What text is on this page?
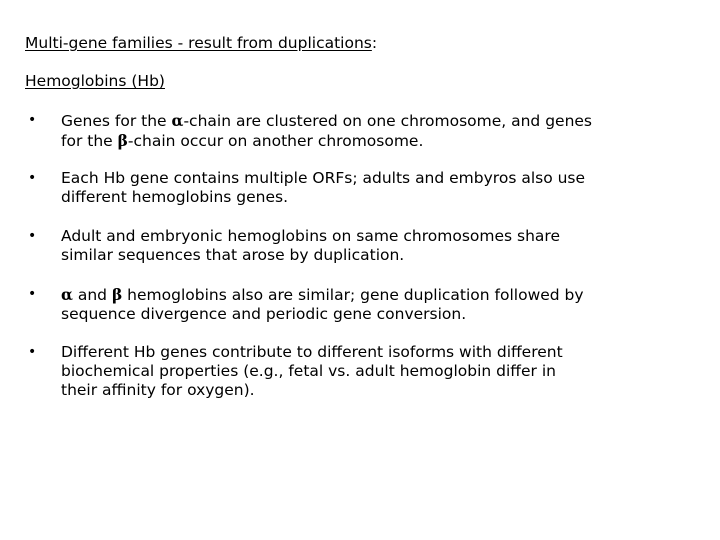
Multi-gene families - result from duplications:
Hemoglobins (Hb)
• Genes for the α-chain are clustered on one chromosome, and genes
for the β-chain occur on another chromosome.
• Each Hb gene contains multiple ORFs; adults and embyros also use
different hemoglobins genes.
• Adult and embryonic hemoglobins on same chromosomes share
similar sequences that arose by duplication.
• α and β hemoglobins also are similar; gene duplication followed by
sequence divergence and periodic gene conversion.
• Different Hb genes contribute to different isoforms with different
biochemical properties (e.g., fetal vs. adult hemoglobin differ in
their affinity for oxygen).
